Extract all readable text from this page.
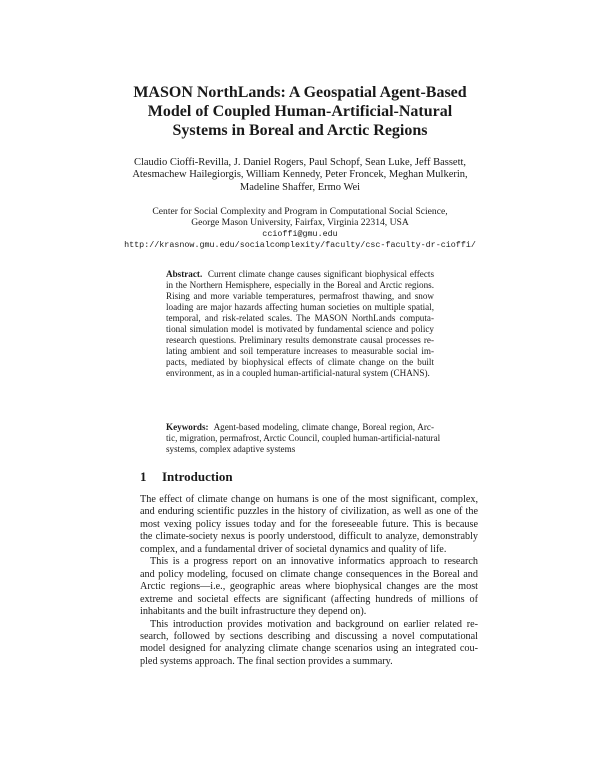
MASON NorthLands: A Geospatial Agent-Based
Model of Coupled Human-Artificial-Natural
Systems in Boreal and Arctic Regions
Claudio Cioffi-Revilla, J. Daniel Rogers, Paul Schopf, Sean Luke, Jeff Bassett,
Atesmachew Hailegiorgis, William Kennedy, Peter Froncek, Meghan Mulkerin,
Madeline Shaffer, Ermo Wei
Center for Social Complexity and Program in Computational Social Science,
George Mason University, Fairfax, Virginia 22314, USA
ccioffi@gmu.edu
http://krasnow.gmu.edu/socialcomplexity/faculty/csc-faculty-dr-cioffi/
Abstract. Current climate change causes significant biophysical effects
in the Northern Hemisphere, especially in the Boreal and Arctic regions.
Rising and more variable temperatures, permafrost thawing, and snow
loading are major hazards affecting human societies on multiple spatial,
temporal, and risk-related scales. The MASON NorthLands computa-
tional simulation model is motivated by fundamental science and policy
research questions. Preliminary results demonstrate causal processes re-
lating ambient and soil temperature increases to measurable social im-
pacts, mediated by biophysical effects of climate change on the built
environment, as in a coupled human-artificial-natural system (CHANS).
Keywords: Agent-based modeling, climate change, Boreal region, Arc-
tic, migration, permafrost, Arctic Council, coupled human-artificial-natural
systems, complex adaptive systems
1 Introduction
The effect of climate change on humans is one of the most significant, complex,
and enduring scientific puzzles in the history of civilization, as well as one of the
most vexing policy issues today and for the foreseeable future. This is because
the climate-society nexus is poorly understood, difficult to analyze, demonstrably
complex, and a fundamental driver of societal dynamics and quality of life.
This is a progress report on an innovative informatics approach to research
and policy modeling, focused on climate change consequences in the Boreal and
Arctic regions—i.e., geographic areas where biophysical changes are the most
extreme and societal effects are significant (affecting hundreds of millions of
inhabitants and the built infrastructure they depend on).
This introduction provides motivation and background on earlier related re-
search, followed by sections describing and discussing a novel computational
model designed for analyzing climate change scenarios using an integrated cou-
pled systems approach. The final section provides a summary.
